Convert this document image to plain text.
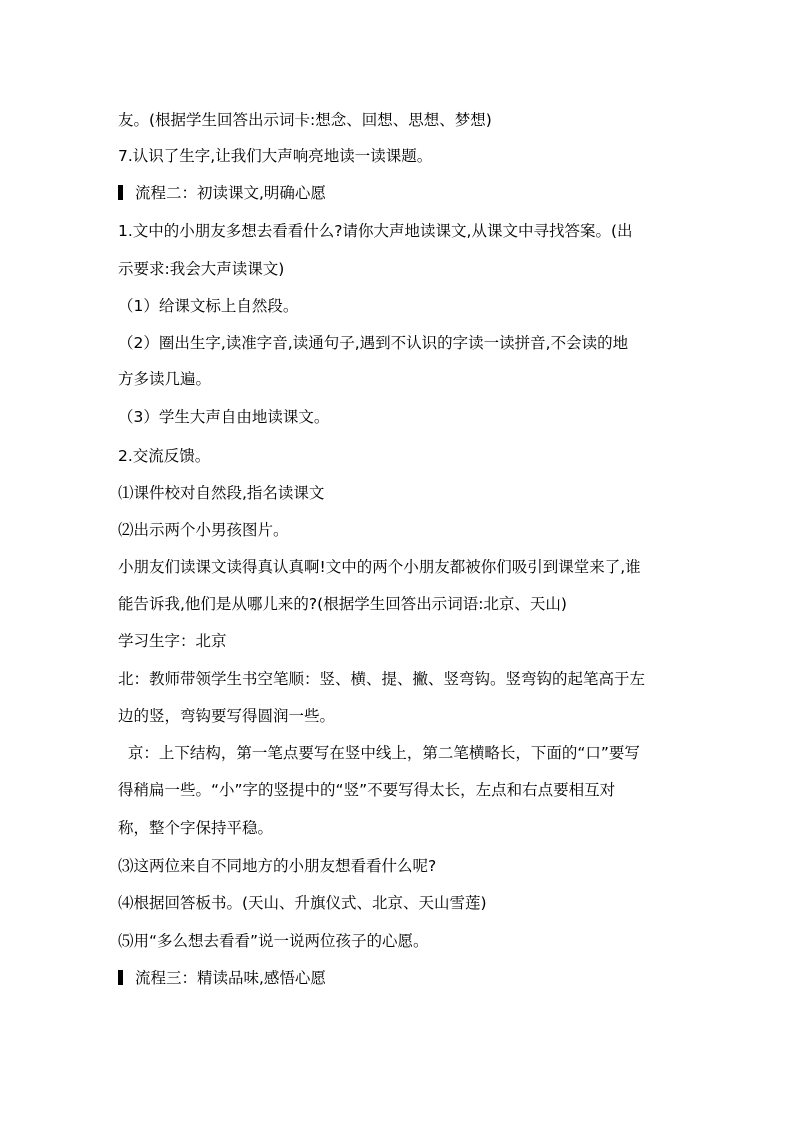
友。(根据学生回答出示词卡:想念、回想、思想、梦想)
7.认识了生字,让我们大声响亮地读一读课题。
流程二：初读课文,明确心愿
1.文中的小朋友多想去看看什么?请你大声地读课文,从课文中寻找答案。(出
示要求:我会大声读课文)
（1）给课文标上自然段。
（2）圈出生字,读准字音,读通句子,遇到不认识的字读一读拼音,不会读的地
方多读几遍。
（3）学生大声自由地读课文。
2.交流反馈。
⑴课件校对自然段,指名读课文
⑵出示两个小男孩图片。
小朋友们读课文读得真认真啊!文中的两个小朋友都被你们吸引到课堂来了,谁
能告诉我,他们是从哪儿来的?(根据学生回答出示词语:北京、天山)
学习生字：北京
北：教师带领学生书空笔顺：竖、横、提、撇、竖弯钩。竖弯钩的起笔高于左
边的竖，弯钩要写得圆润一些。
京：上下结构，第一笔点要写在竖中线上，第二笔横略长，下面的“口”要写
得稍扁一些。“小”字的竖提中的“竖”不要写得太长，左点和右点要相互对
称，整个字保持平稳。
⑶这两位来自不同地方的小朋友想看看什么呢?
⑷根据回答板书。(天山、升旗仪式、北京、天山雪莲)
⑸用“多么想去看看”说一说两位孩子的心愿。
流程三：精读品味,感悟心愿
